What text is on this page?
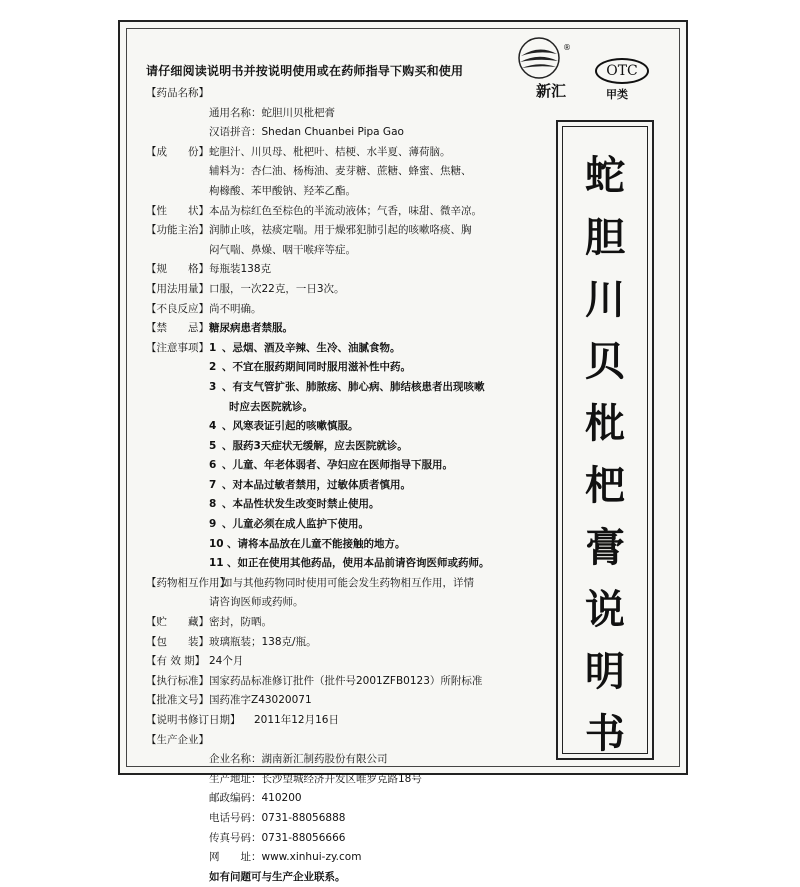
请仔细阅读说明书并按说明使用或在药师指导下购买和使用
®
新汇
OTC
甲类
蛇
胆
川
贝
枇
杷
膏
说
明
书
【药品名称】
通用名称：蛇胆川贝枇杷膏
汉语拼音：Shedan Chuanbei Pipa Gao
【成　　份】 蛇胆汁、川贝母、枇杷叶、桔梗、水半夏、薄荷脑。
辅料为：杏仁油、杨梅油、麦芽糖、蔗糖、蜂蜜、焦糖、
枸橼酸、苯甲酸钠、羟苯乙酯。
【性　　状】 本品为棕红色至棕色的半流动液体；气香，味甜、微辛凉。
【功能主治】 润肺止咳，祛痰定喘。用于燥邪犯肺引起的咳嗽咯痰、胸
闷气喘、鼻燥、咽干喉痒等症。
【规　　格】 每瓶装138克
【用法用量】 口服，一次22克，一日3次。
【不良反应】 尚不明确。
【禁　　忌】 糖尿病患者禁服。
【注意事项】 1 、忌烟、酒及辛辣、生冷、油腻食物。
2 、不宜在服药期间同时服用滋补性中药。
3 、有支气管扩张、肺脓疡、肺心病、肺结核患者出现咳嗽
时应去医院就诊。
4 、风寒表证引起的咳嗽慎服。
5 、服药3天症状无缓解，应去医院就诊。
6 、儿童、年老体弱者、孕妇应在医师指导下服用。
7 、对本品过敏者禁用，过敏体质者慎用。
8 、本品性状发生改变时禁止使用。
9 、儿童必须在成人监护下使用。
10 、请将本品放在儿童不能接触的地方。
11 、如正在使用其他药品，使用本品前请咨询医师或药师。
【药物相互作用】
如与其他药物同时使用可能会发生药物相互作用，详情
请咨询医师或药师。
【贮　　藏】 密封，防晒。
【包　　装】 玻璃瓶装；138克/瓶。
【有 效 期】 24个月
【执行标准】 国家药品标准修订批件（批件号2001ZFB0123）所附标准
【批准文号】 国药准字Z43020071
【说明书修订日期】	2011年12月16日
【生产企业】
企业名称：湖南新汇制药股份有限公司
生产地址：长沙望城经济开发区唯罗克路18号
邮政编码：410200
电话号码：0731-88056888
传真号码：0731-88056666
网　　址：www.xinhui-zy.com
如有问题可与生产企业联系。
